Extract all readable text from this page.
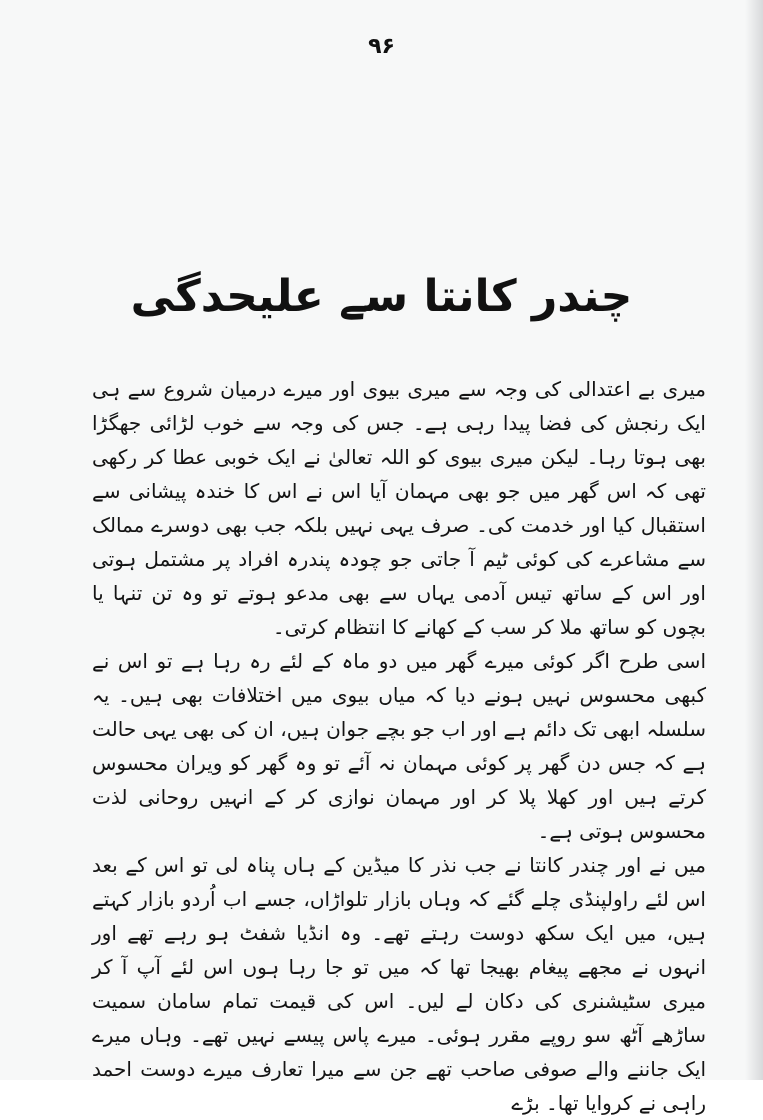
۹۶
چندر کانتا سے علیحدگی

میری بے اعتدالی کی وجہ سے میری بیوی اور میرے درمیان شروع سے ہی ایک رنجش کی فضا پیدا رہی ہے۔ جس کی وجہ سے خوب لڑائی جھگڑا بھی ہوتا رہا۔ لیکن میری بیوی کو اللہ تعالیٰ نے ایک خوبی عطا کر رکھی تھی کہ اس گھر میں جو بھی مہمان آیا اس نے اس کا خندہ پیشانی سے استقبال کیا اور خدمت کی۔ صرف یہی نہیں بلکہ جب بھی دوسرے ممالک سے مشاعرے کی کوئی ٹیم آ جاتی جو چودہ پندرہ افراد پر مشتمل ہوتی اور اس کے ساتھ تیس آدمی یہاں سے بھی مدعو ہوتے تو وہ تن تنہا یا بچوں کو ساتھ ملا کر سب کے کھانے کا انتظام کرتی۔

اسی طرح اگر کوئی میرے گھر میں دو ماہ کے لئے رہ رہا ہے تو اس نے کبھی محسوس نہیں ہونے دیا کہ میاں بیوی میں اختلافات بھی ہیں۔ یہ سلسلہ ابھی تک دائم ہے اور اب جو بچے جوان ہیں، ان کی بھی یہی حالت ہے کہ جس دن گھر پر کوئی مہمان نہ آئے تو وہ گھر کو ویران محسوس کرتے ہیں اور کھلا پلا کر اور مہمان نوازی کر کے انہیں روحانی لذت محسوس ہوتی ہے۔

میں نے اور چندر کانتا نے جب نذر کا میڈین کے ہاں پناہ لی تو اس کے بعد اس لئے راولپنڈی چلے گئے کہ وہاں بازار تلواڑاں، جسے اب اُردو بازار کہتے ہیں، میں ایک سکھ دوست رہتے تھے۔ وہ انڈیا شفٹ ہو رہے تھے اور انہوں نے مجھے پیغام بھیجا تھا کہ میں تو جا رہا ہوں اس لئے آپ آ کر میری سٹیشنری کی دکان لے لیں۔ اس کی قیمت تمام سامان سمیت ساڑھے آٹھ سو روپے مقرر ہوئی۔ میرے پاس پیسے نہیں تھے۔ وہاں میرے ایک جاننے والے صوفی صاحب تھے جن سے میرا تعارف میرے دوست احمد راہی نے کروایا تھا۔ بڑے
